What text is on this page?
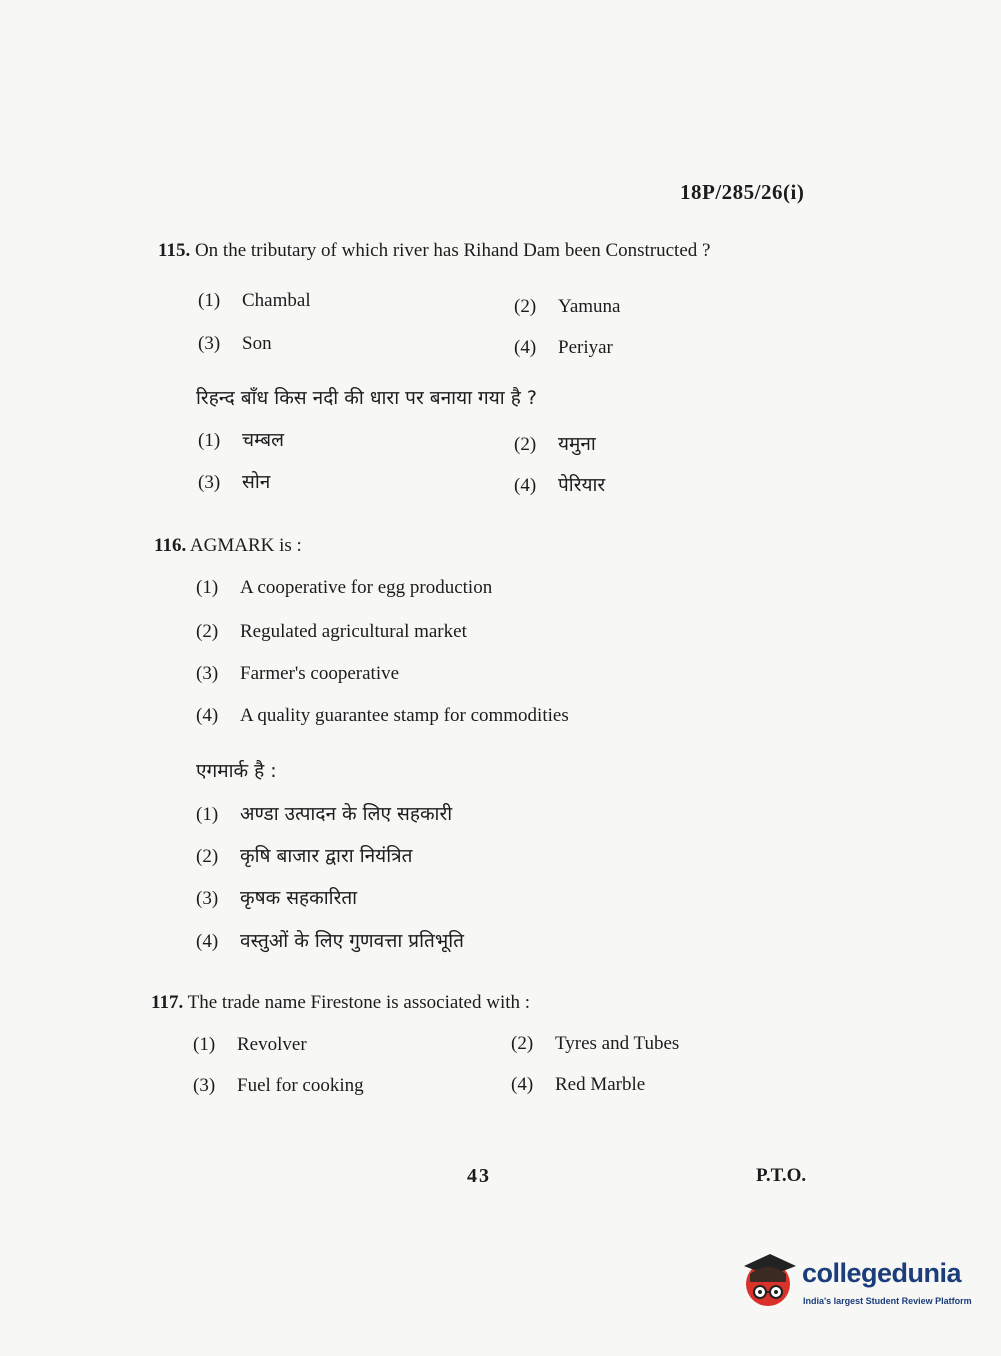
18P/285/26(i)
115. On the tributary of which river has Rihand Dam been Constructed ?
(1) Chambal	(2) Yamuna
(3) Son	(4) Periyar
रिहन्द बाँध किस नदी की धारा पर बनाया गया है ?
(1) चम्बल	(2) यमुना
(3) सोन	(4) पेरियार
116. AGMARK is :
(1) A cooperative for egg production
(2) Regulated agricultural market
(3) Farmer's cooperative
(4) A quality guarantee stamp for commodities
एगमार्क है :
(1) अण्डा उत्पादन के लिए सहकारी
(2) कृषि बाजार द्वारा नियंत्रित
(3) कृषक सहकारिता
(4) वस्तुओं के लिए गुणवत्ता प्रतिभूति
117. The trade name Firestone is associated with :
(1) Revolver	(2) Tyres and Tubes
(3) Fuel for cooking	(4) Red Marble
43	P.T.O.
collegedunia
India's largest Student Review Platform
